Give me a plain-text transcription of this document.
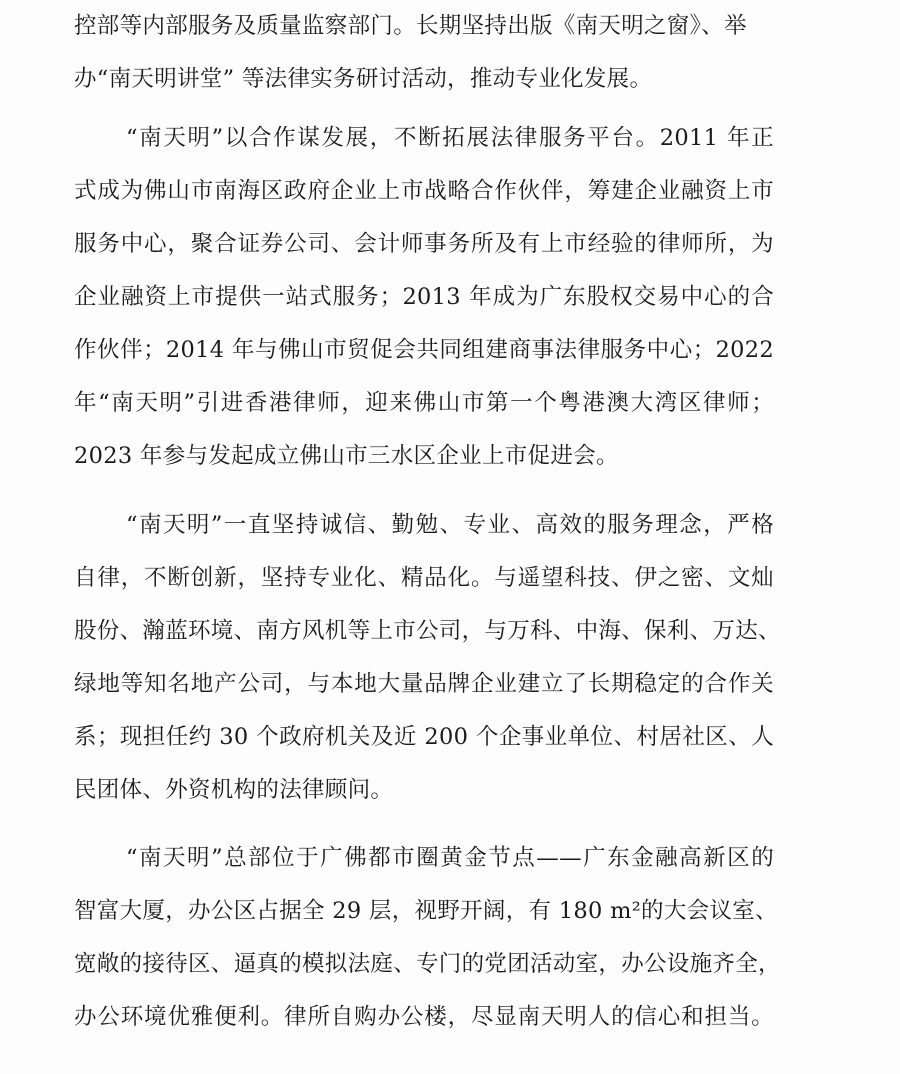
控部等内部服务及质量监察部门。长期坚持出版《南天明之窗》、举
办“南天明讲堂” 等法律实务研讨活动，推动专业化发展。
“南天明”以合作谋发展，不断拓展法律服务平台。2011 年正
式成为佛山市南海区政府企业上市战略合作伙伴，筹建企业融资上市
服务中心，聚合证券公司、会计师事务所及有上市经验的律师所，为
企业融资上市提供一站式服务；2013 年成为广东股权交易中心的合
作伙伴；2014 年与佛山市贸促会共同组建商事法律服务中心；2022
年“南天明”引进香港律师，迎来佛山市第一个粤港澳大湾区律师；
2023 年参与发起成立佛山市三水区企业上市促进会。
“南天明”一直坚持诚信、勤勉、专业、高效的服务理念，严格
自律，不断创新，坚持专业化、精品化。与遥望科技、伊之密、文灿
股份、瀚蓝环境、南方风机等上市公司，与万科、中海、保利、万达、
绿地等知名地产公司，与本地大量品牌企业建立了长期稳定的合作关
系；现担任约 30 个政府机关及近 200 个企事业单位、村居社区、人
民团体、外资机构的法律顾问。
“南天明”总部位于广佛都市圈黄金节点——广东金融高新区的
智富大厦，办公区占据全 29 层，视野开阔，有 180 m²的大会议室、
宽敞的接待区、逼真的模拟法庭、专门的党团活动室，办公设施齐全，
办公环境优雅便利。律所自购办公楼，尽显南天明人的信心和担当。
